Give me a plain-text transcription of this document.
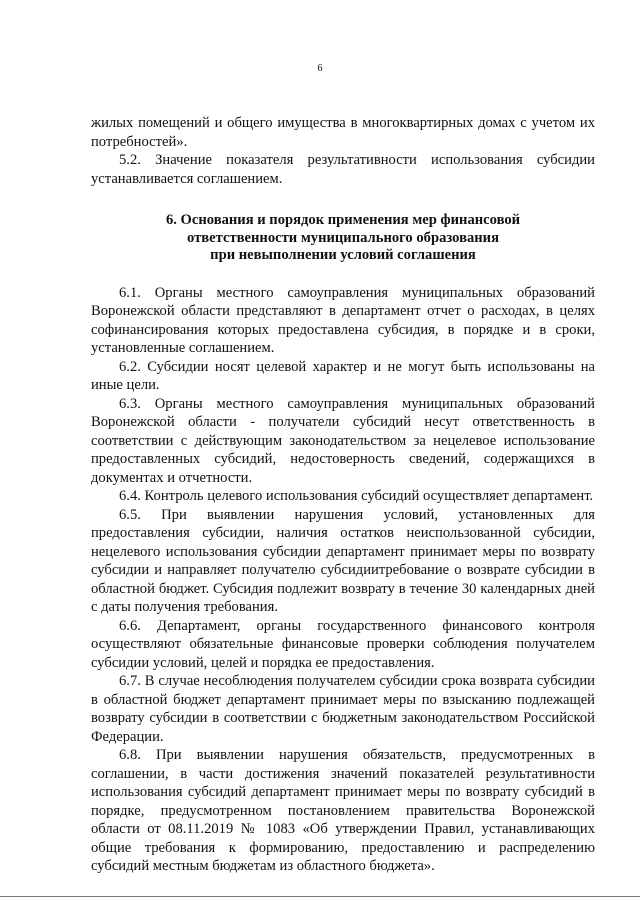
6

жилых помещений и общего имущества в многоквартирных домах с учетом их потребностей».

5.2. Значение показателя результативности использования субсидии устанавливается соглашением.

6. Основания и порядок применения мер финансовой
ответственности муниципального образования
при невыполнении условий соглашения

6.1. Органы местного самоуправления муниципальных образований Воронежской области представляют в департамент отчет о расходах, в целях софинансирования которых предоставлена субсидия, в порядке и в сроки, установленные соглашением.

6.2. Субсидии носят целевой характер и не могут быть использованы на иные цели.

6.3. Органы местного самоуправления муниципальных образований Воронежской области - получатели субсидий несут ответственность в соответствии с действующим законодательством за нецелевое использование предоставленных субсидий, недостоверность сведений, содержащихся в документах и отчетности.

6.4. Контроль целевого использования субсидий осуществляет департамент.

6.5. При выявлении нарушения условий, установленных для предоставления субсидии, наличия остатков неиспользованной субсидии, нецелевого использования субсидии департамент принимает меры по возврату субсидии и направляет получателю субсидиитребование о возврате субсидии в областной бюджет. Субсидия подлежит возврату в течение 30 календарных дней с даты получения требования.

6.6. Департамент, органы государственного финансового контроля осуществляют обязательные финансовые проверки соблюдения получателем субсидии условий, целей и порядка ее предоставления.

6.7. В случае несоблюдения получателем субсидии срока возврата субсидии в областной бюджет департамент принимает меры по взысканию подлежащей возврату субсидии в соответствии с бюджетным законодательством Российской Федерации.

6.8. При выявлении нарушения обязательств, предусмотренных в соглашении, в части достижения значений показателей результативности использования субсидий департамент принимает меры по возврату субсидий в порядке, предусмотренном постановлением правительства Воронежской области от 08.11.2019 № 1083 «Об утверждении Правил, устанавливающих общие требования к формированию, предоставлению и распределению субсидий местным бюджетам из областного бюджета».
